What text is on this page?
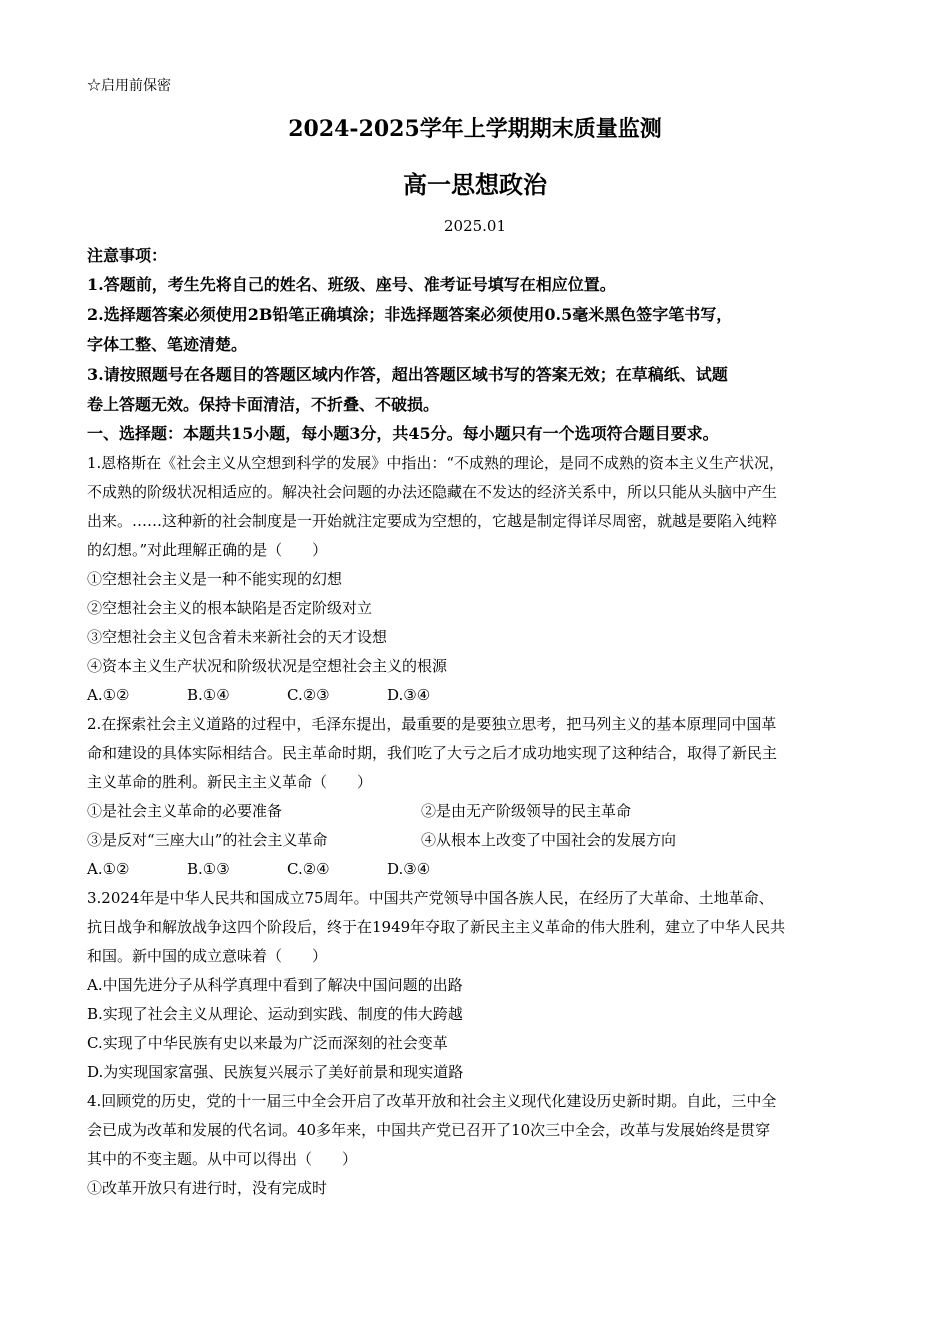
☆启用前保密
2024-2025学年上学期期末质量监测
高一思想政治
2025.01
注意事项：
1.答题前，考生先将自己的姓名、班级、座号、准考证号填写在相应位置。
2.选择题答案必须使用2B铅笔正确填涂；非选择题答案必须使用0.5毫米黑色签字笔书写，
字体工整、笔迹清楚。
3.请按照题号在各题目的答题区域内作答，超出答题区域书写的答案无效；在草稿纸、试题
卷上答题无效。保持卡面清洁，不折叠、不破损。
一、选择题：本题共15小题，每小题3分，共45分。每小题只有一个选项符合题目要求。
1.恩格斯在《社会主义从空想到科学的发展》中指出：“不成熟的理论，是同不成熟的资本主义生产状况，
不成熟的阶级状况相适应的。解决社会问题的办法还隐藏在不发达的经济关系中，所以只能从头脑中产生
出来。……这种新的社会制度是一开始就注定要成为空想的，它越是制定得详尽周密，就越是要陷入纯粹
的幻想。”对此理解正确的是（　　）
①空想社会主义是一种不能实现的幻想
②空想社会主义的根本缺陷是否定阶级对立
③空想社会主义包含着未来新社会的天才设想
④资本主义生产状况和阶级状况是空想社会主义的根源
A.①②	B.①④	C.②③	D.③④
2.在探索社会主义道路的过程中，毛泽东提出，最重要的是要独立思考，把马列主义的基本原理同中国革
命和建设的具体实际相结合。民主革命时期，我们吃了大亏之后才成功地实现了这种结合，取得了新民主
主义革命的胜利。新民主主义革命（　　）
①是社会主义革命的必要准备	②是由无产阶级领导的民主革命
③是反对“三座大山”的社会主义革命	④从根本上改变了中国社会的发展方向
A.①②	B.①③	C.②④	D.③④
3.2024年是中华人民共和国成立75周年。中国共产党领导中国各族人民，在经历了大革命、土地革命、
抗日战争和解放战争这四个阶段后，终于在1949年夺取了新民主主义革命的伟大胜利，建立了中华人民共
和国。新中国的成立意味着（　　）
A.中国先进分子从科学真理中看到了解决中国问题的出路
B.实现了社会主义从理论、运动到实践、制度的伟大跨越
C.实现了中华民族有史以来最为广泛而深刻的社会变革
D.为实现国家富强、民族复兴展示了美好前景和现实道路
4.回顾党的历史，党的十一届三中全会开启了改革开放和社会主义现代化建设历史新时期。自此，三中全
会已成为改革和发展的代名词。40多年来，中国共产党已召开了10次三中全会，改革与发展始终是贯穿
其中的不变主题。从中可以得出（　　）
①改革开放只有进行时，没有完成时
